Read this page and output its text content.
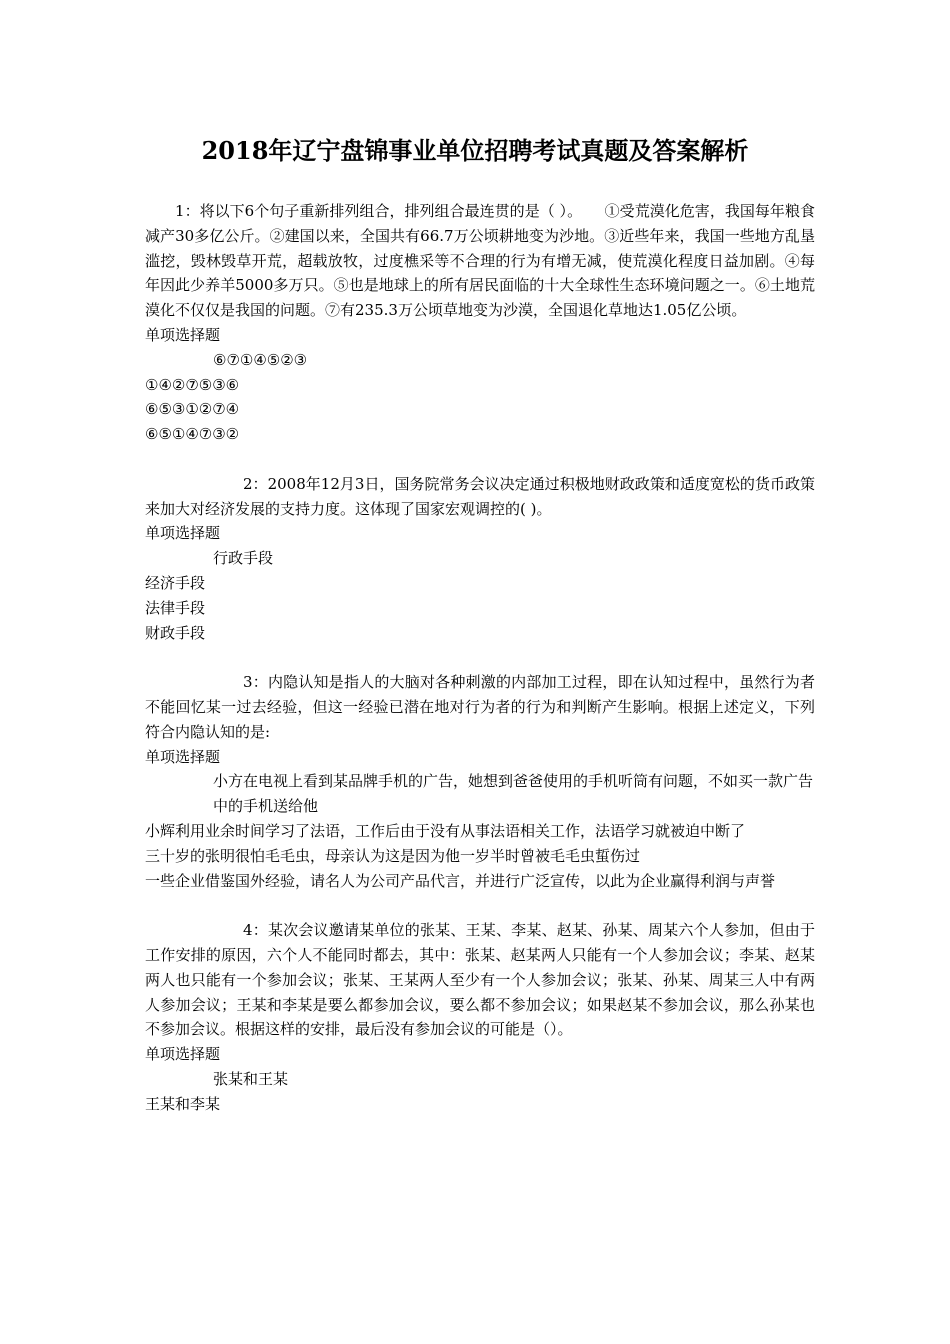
2018年辽宁盘锦事业单位招聘考试真题及答案解析

1：将以下6个句子重新排列组合，排列组合最连贯的是（ ）。　　①受荒漠化危害，我国每年粮食减产30多亿公斤。②建国以来，全国共有66.7万公顷耕地变为沙地。③近些年来，我国一些地方乱垦滥挖，毁林毁草开荒，超载放牧，过度樵采等不合理的行为有增无减，使荒漠化程度日益加剧。④每年因此少养羊5000多万只。⑤也是地球上的所有居民面临的十大全球性生态环境问题之一。⑥土地荒漠化不仅仅是我国的问题。⑦有235.3万公顷草地变为沙漠，全国退化草地达1.05亿公顷。

单项选择题

⑥⑦①④⑤②③

①④②⑦⑤③⑥

⑥⑤③①②⑦④

⑥⑤①④⑦③②

2：2008年12月3日，国务院常务会议决定通过积极地财政政策和适度宽松的货币政策来加大对经济发展的支持力度。这体现了国家宏观调控的( )。

单项选择题

行政手段

经济手段

法律手段

财政手段

3：内隐认知是指人的大脑对各种刺激的内部加工过程，即在认知过程中，虽然行为者不能回忆某一过去经验，但这一经验已潜在地对行为者的行为和判断产生影响。根据上述定义，下列符合内隐认知的是:

单项选择题

小方在电视上看到某品牌手机的广告，她想到爸爸使用的手机听筒有问题，不如买一款广告中的手机送给他

小辉利用业余时间学习了法语，工作后由于没有从事法语相关工作，法语学习就被迫中断了

三十岁的张明很怕毛毛虫，母亲认为这是因为他一岁半时曾被毛毛虫蜇伤过

一些企业借鉴国外经验，请名人为公司产品代言，并进行广泛宣传，以此为企业赢得利润与声誉

4：某次会议邀请某单位的张某、王某、李某、赵某、孙某、周某六个人参加，但由于工作安排的原因，六个人不能同时都去，其中：张某、赵某两人只能有一个人参加会议；李某、赵某两人也只能有一个参加会议；张某、王某两人至少有一个人参加会议；张某、孙某、周某三人中有两人参加会议；王某和李某是要么都参加会议，要么都不参加会议；如果赵某不参加会议，那么孙某也不参加会议。根据这样的安排，最后没有参加会议的可能是（）。

单项选择题

张某和王某

王某和李某
